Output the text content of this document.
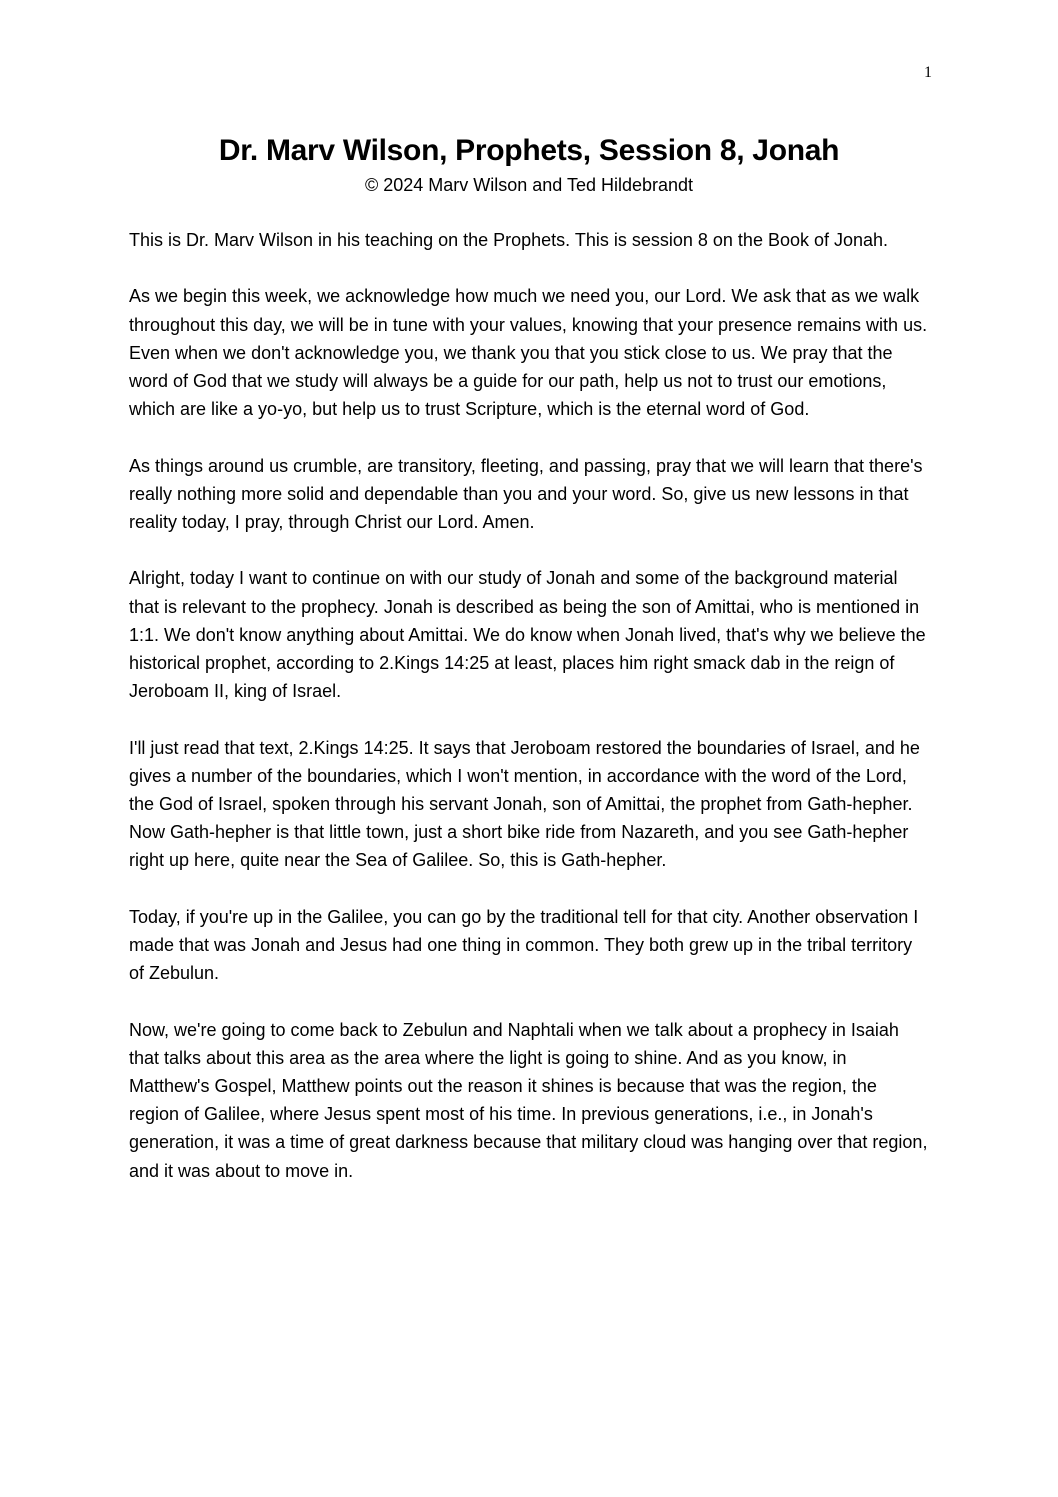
1
Dr. Marv Wilson, Prophets, Session 8, Jonah

© 2024 Marv Wilson and Ted Hildebrandt

This is Dr. Marv Wilson in his teaching on the Prophets. This is session 8 on the Book of Jonah.

As we begin this week, we acknowledge how much we need you, our Lord. We ask that as we walk throughout this day, we will be in tune with your values, knowing that your presence remains with us. Even when we don't acknowledge you, we thank you that you stick close to us. We pray that the word of God that we study will always be a guide for our path, help us not to trust our emotions, which are like a yo-yo, but help us to trust Scripture, which is the eternal word of God.

As things around us crumble, are transitory, fleeting, and passing, pray that we will learn that there's really nothing more solid and dependable than you and your word. So, give us new lessons in that reality today, I pray, through Christ our Lord. Amen.

Alright, today I want to continue on with our study of Jonah and some of the background material that is relevant to the prophecy. Jonah is described as being the son of Amittai, who is mentioned in 1:1. We don't know anything about Amittai. We do know when Jonah lived, that's why we believe the historical prophet, according to 2.Kings 14:25 at least, places him right smack dab in the reign of Jeroboam II, king of Israel.

I'll just read that text, 2.Kings 14:25. It says that Jeroboam restored the boundaries of Israel, and he gives a number of the boundaries, which I won't mention, in accordance with the word of the Lord, the God of Israel, spoken through his servant Jonah, son of Amittai, the prophet from Gath-hepher. Now Gath-hepher is that little town, just a short bike ride from Nazareth, and you see Gath-hepher right up here, quite near the Sea of Galilee. So, this is Gath-hepher.

Today, if you're up in the Galilee, you can go by the traditional tell for that city. Another observation I made that was Jonah and Jesus had one thing in common. They both grew up in the tribal territory of Zebulun.

Now, we're going to come back to Zebulun and Naphtali when we talk about a prophecy in Isaiah that talks about this area as the area where the light is going to shine. And as you know, in Matthew's Gospel, Matthew points out the reason it shines is because that was the region, the region of Galilee, where Jesus spent most of his time. In previous generations, i.e., in Jonah's generation, it was a time of great darkness because that military cloud was hanging over that region, and it was about to move in.
